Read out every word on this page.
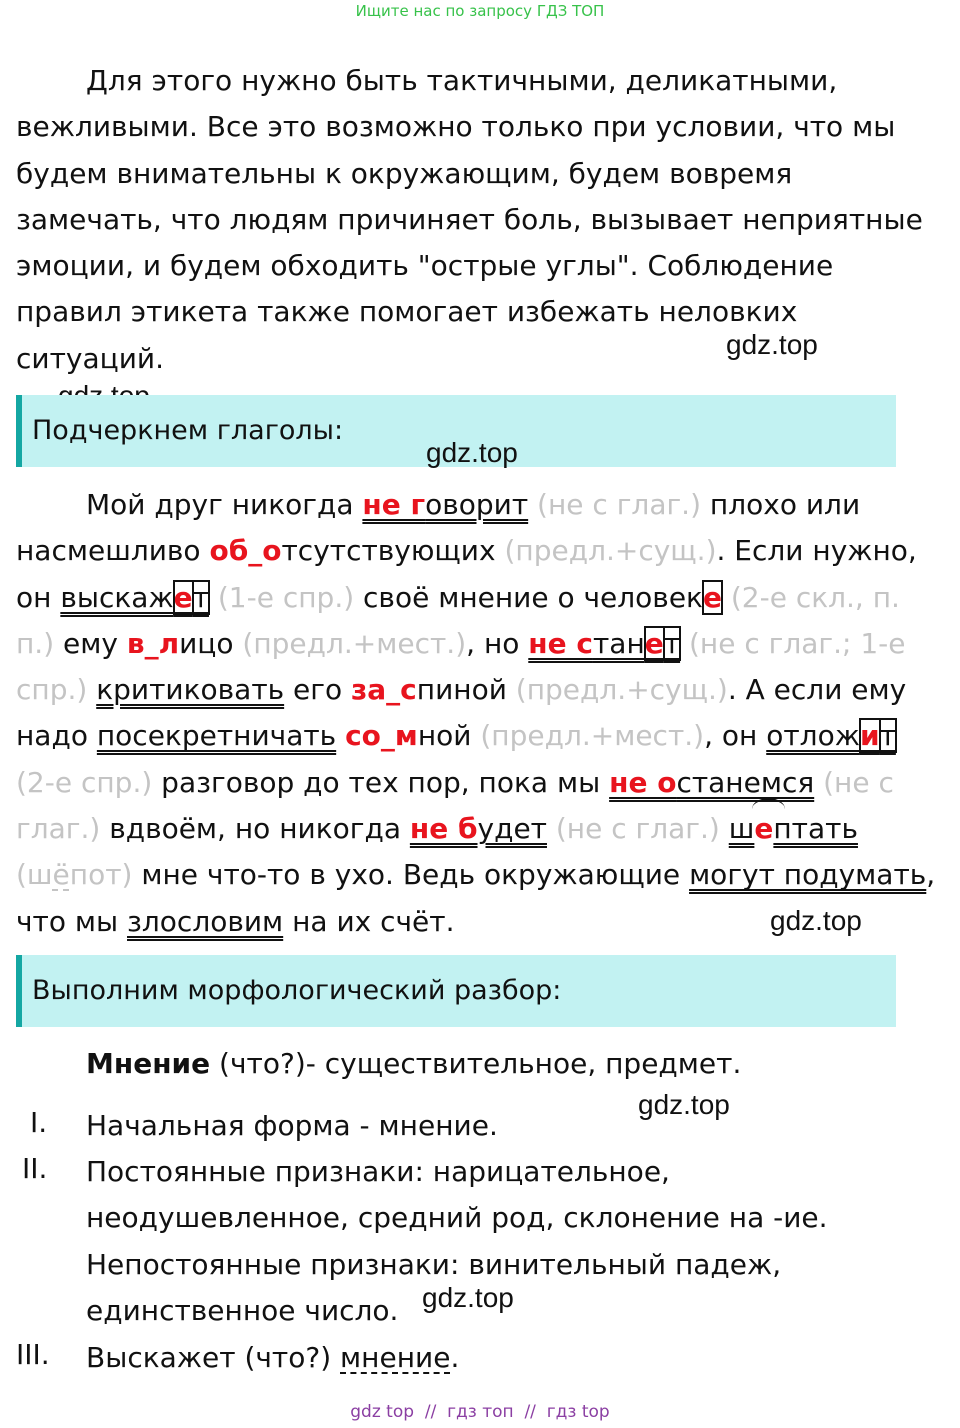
Ищите нас по запросу ГДЗ ТОП

Для этого нужно быть тактичными, деликатными, вежливыми. Все это возможно только при условии, что мы будем внимательны к окружающим, будем вовремя замечать, что людям причиняет боль, вызывает неприятные эмоции, и будем обходить "острые углы". Соблюдение правил этикета также помогает избежать неловких ситуаций.	gdz.top
Подчеркнем глаголы:
gdz.top

Мой друг никогда не говорит (не с глаг.) плохо или насмешливо об_отсутствующих (предл.+сущ.). Если нужно, он выскажет (1-е спр.) своё мнение о человеке (2-е скл., п. п.) ему в_лицо (предл.+мест.), но не станет (не с глаг.; 1-е спр.) критиковать его за_спиной (предл.+сущ.). А если ему надо посекретничать со_мной (предл.+мест.), он отложит (2-е спр.) разговор до тех пор, пока мы не останемся (не с глаг.) вдвоём, но никогда не будет (не с глаг.) шептать (шёпот) мне что-то в ухо. Ведь окружающие могут подумать, что мы злословим на их счёт.	gdz.top
Выполним морфологический разбор:
Мнение (что?)- существительное, предмет.
gdz.top
I. Начальная форма - мнение.
II. Постоянные признаки: нарицательное, неодушевленное, средний род, склонение на -ие.
Непостоянные признаки: винительный падеж, единственное число. gdz.top
III. Выскажет (что?) мнение.
gdz top  //  гдз топ  //  гдз top
